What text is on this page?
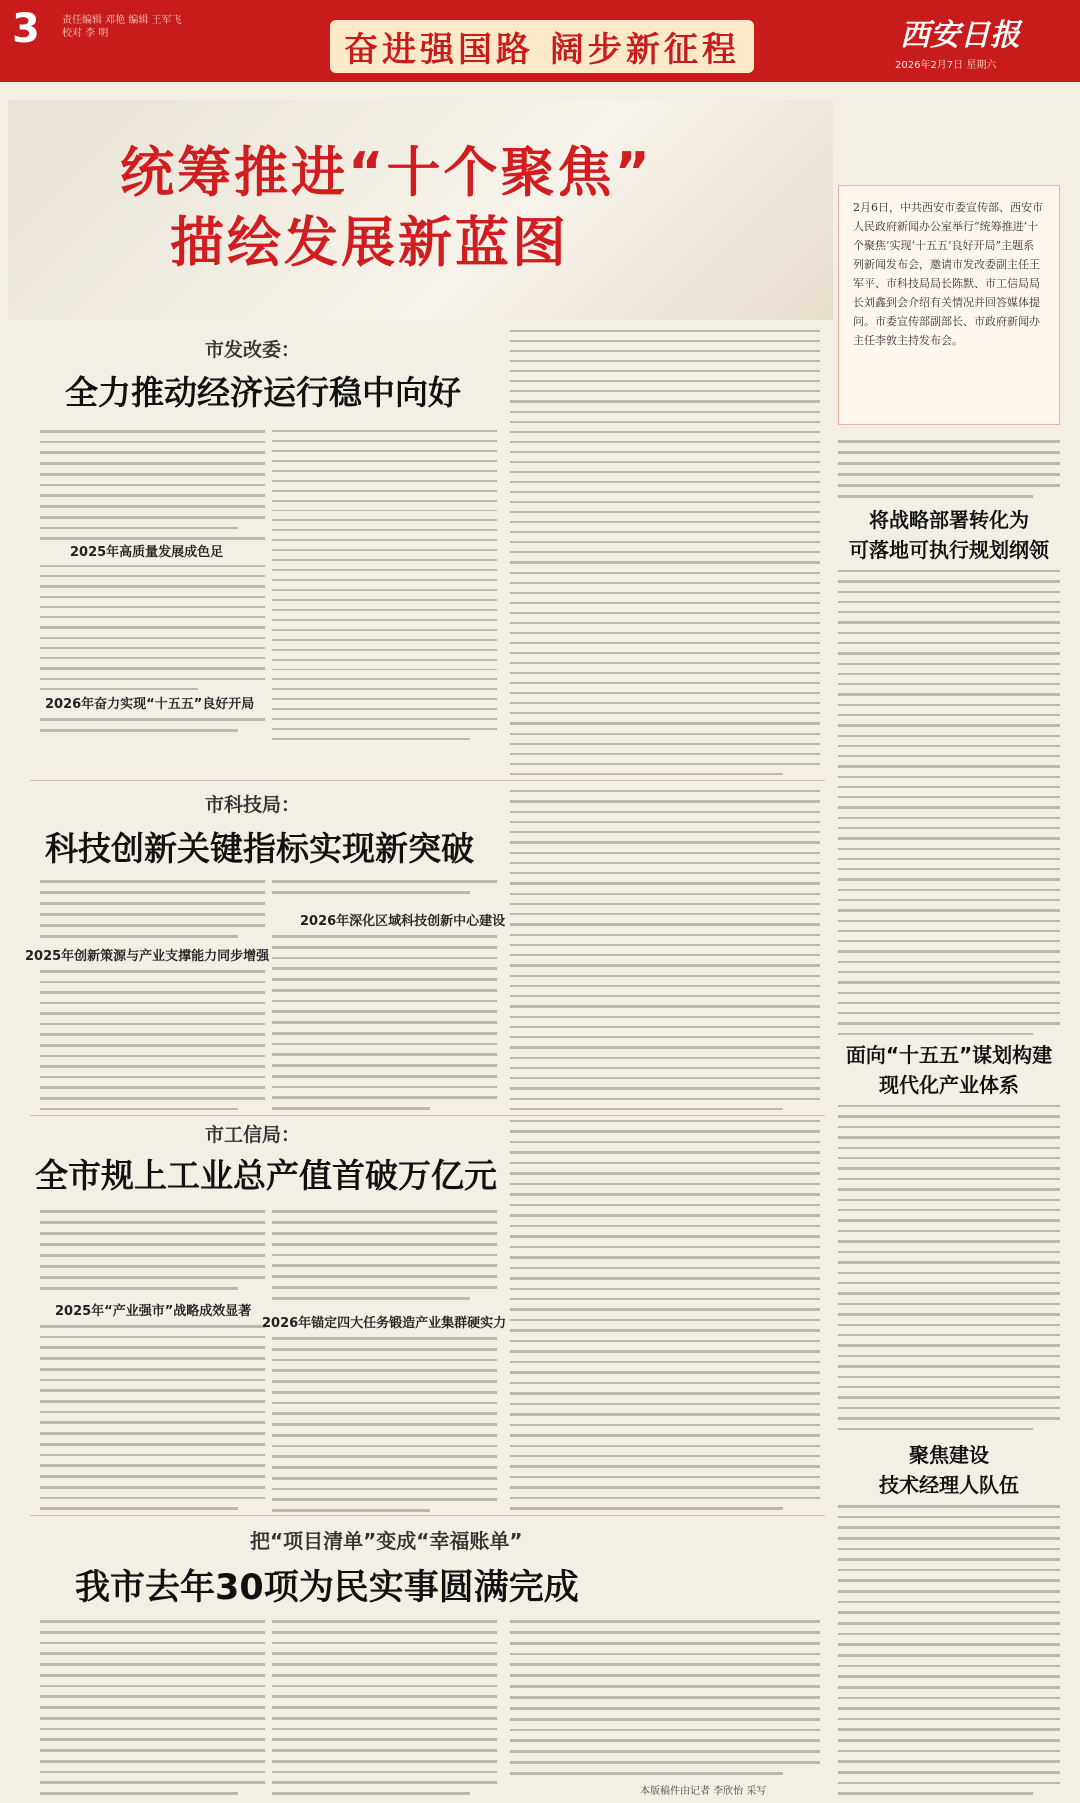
3 责任编辑 邓艳 编辑 王军飞
校对 李 明	奋进强国路 阔步新征程	西安日报
2026年2月7日 星期六
统筹推进“十个聚焦”
描绘发展新蓝图
2月6日，中共西安市委宣传部、西安市人民政府新闻办公室举行“统筹推进‘十个聚焦’实现‘十五五’良好开局”主题系列新闻发布会，邀请市发改委副主任王军平、市科技局局长陈默、市工信局局长刘鑫到会介绍有关情况并回答媒体提问。市委宣传部副部长、市政府新闻办主任李敦主持发布会。
市发改委：
全力推动经济运行稳中向好
2025年高质量发展成色足
2026年奋力实现“十五五”良好开局
市科技局：
科技创新关键指标实现新突破
2025年创新策源与产业支撑能力同步增强
2026年深化区域科技创新中心建设
市工信局：
全市规上工业总产值首破万亿元
2025年“产业强市”战略成效显著
2026年锚定四大任务锻造产业集群硬实力
把“项目清单”变成“幸福账单”
我市去年30项为民实事圆满完成
本版稿件由记者 李欣怡 采写
将战略部署转化为
可落地可执行规划纲领
面向“十五五”谋划构建
现代化产业体系
聚焦建设
技术经理人队伍
